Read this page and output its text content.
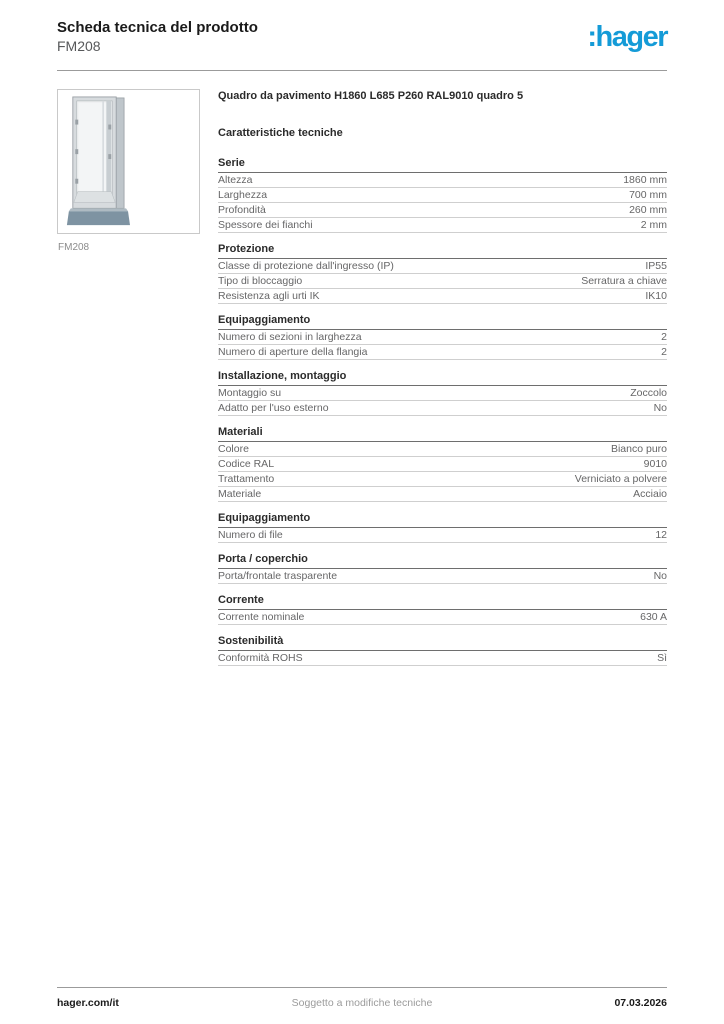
Scheda tecnica del prodotto
FM208	:hager
FM208
Quadro da pavimento H1860 L685 P260 RAL9010 quadro 5
Caratteristiche tecniche
Serie
Altezza	1860 mm
Larghezza	700 mm
Profondità	260 mm
Spessore dei fianchi	2 mm
Protezione
Classe di protezione dall'ingresso (IP)	IP55
Tipo di bloccaggio	Serratura a chiave
Resistenza agli urti IK	IK10
Equipaggiamento
Numero di sezioni in larghezza	2
Numero di aperture della flangia	2
Installazione, montaggio
Montaggio su	Zoccolo
Adatto per l'uso esterno	No
Materiali
Colore	Bianco puro
Codice RAL	9010
Trattamento	Verniciato a polvere
Materiale	Acciaio
Equipaggiamento
Numero di file	12
Porta / coperchio
Porta/frontale trasparente	No
Corrente
Corrente nominale	630 A
Sostenibilità
Conformità ROHS	Sì
hager.com/it	Soggetto a modifiche tecniche	07.03.2026
